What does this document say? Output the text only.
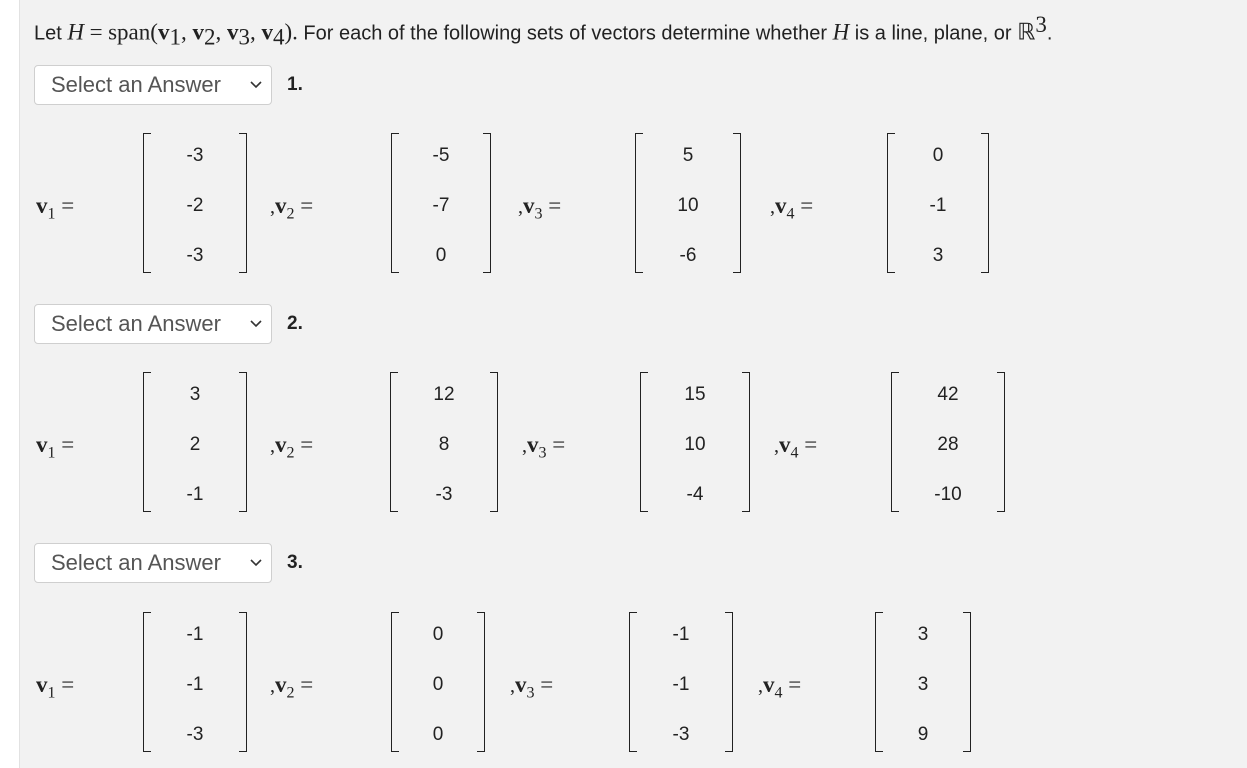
Let $H = span(v_1$, $v_2$, $v_3$, $v_4$). For each of the following sets of vectors determine whether H is a line, plane, or ℝ$^3$.
Select an Answer	1.
$v_1$ =
-3
-2
-3
$,v_2$ =
-5
-7
0
$,v_3$ =
5
10
-6
$,v_4$ =
0
-1
3
Select an Answer	2.
$v_1$ =
3
2
-1
$,v_2$ =
12
8
-3
$,v_3$ =
15
10
-4
$,v_4$ =
42
28
-10
Select an Answer	3.
$v_1$ =
-1
-1
-3
$,v_2$ =
0
0
0
$,v_3$ =
-1
-1
-3
$,v_4$ =
3
3
9
